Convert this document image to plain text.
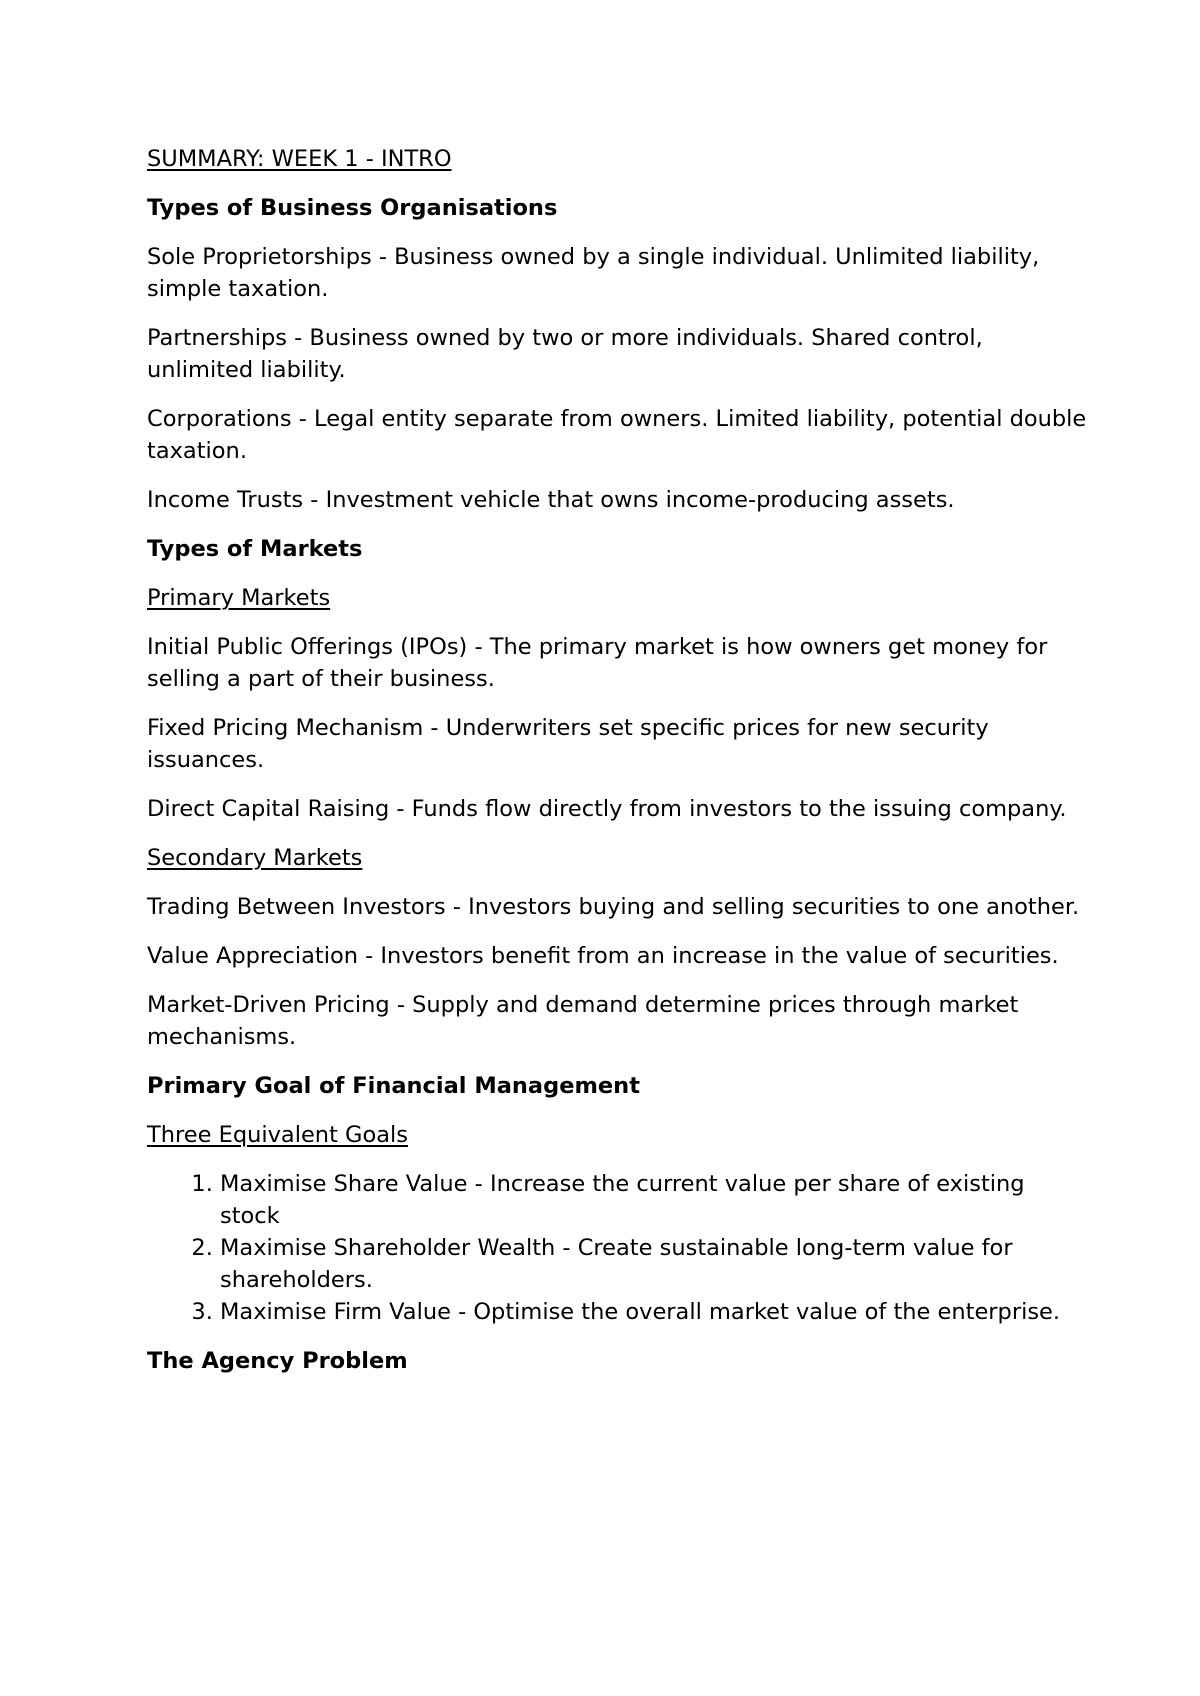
SUMMARY: WEEK 1 - INTRO

Types of Business Organisations

Sole Proprietorships - Business owned by a single individual. Unlimited liability, simple taxation.

Partnerships - Business owned by two or more individuals. Shared control, unlimited liability.

Corporations - Legal entity separate from owners. Limited liability, potential double taxation.

Income Trusts - Investment vehicle that owns income-producing assets.

Types of Markets

Primary Markets

Initial Public Offerings (IPOs) - The primary market is how owners get money for selling a part of their business.

Fixed Pricing Mechanism - Underwriters set specific prices for new security issuances.

Direct Capital Raising - Funds flow directly from investors to the issuing company.

Secondary Markets

Trading Between Investors - Investors buying and selling securities to one another.

Value Appreciation - Investors benefit from an increase in the value of securities.

Market-Driven Pricing - Supply and demand determine prices through market mechanisms.

Primary Goal of Financial Management

Three Equivalent Goals

1. Maximise Share Value - Increase the current value per share of existing stock
2. Maximise Shareholder Wealth - Create sustainable long-term value for shareholders.
3. Maximise Firm Value - Optimise the overall market value of the enterprise.

The Agency Problem
